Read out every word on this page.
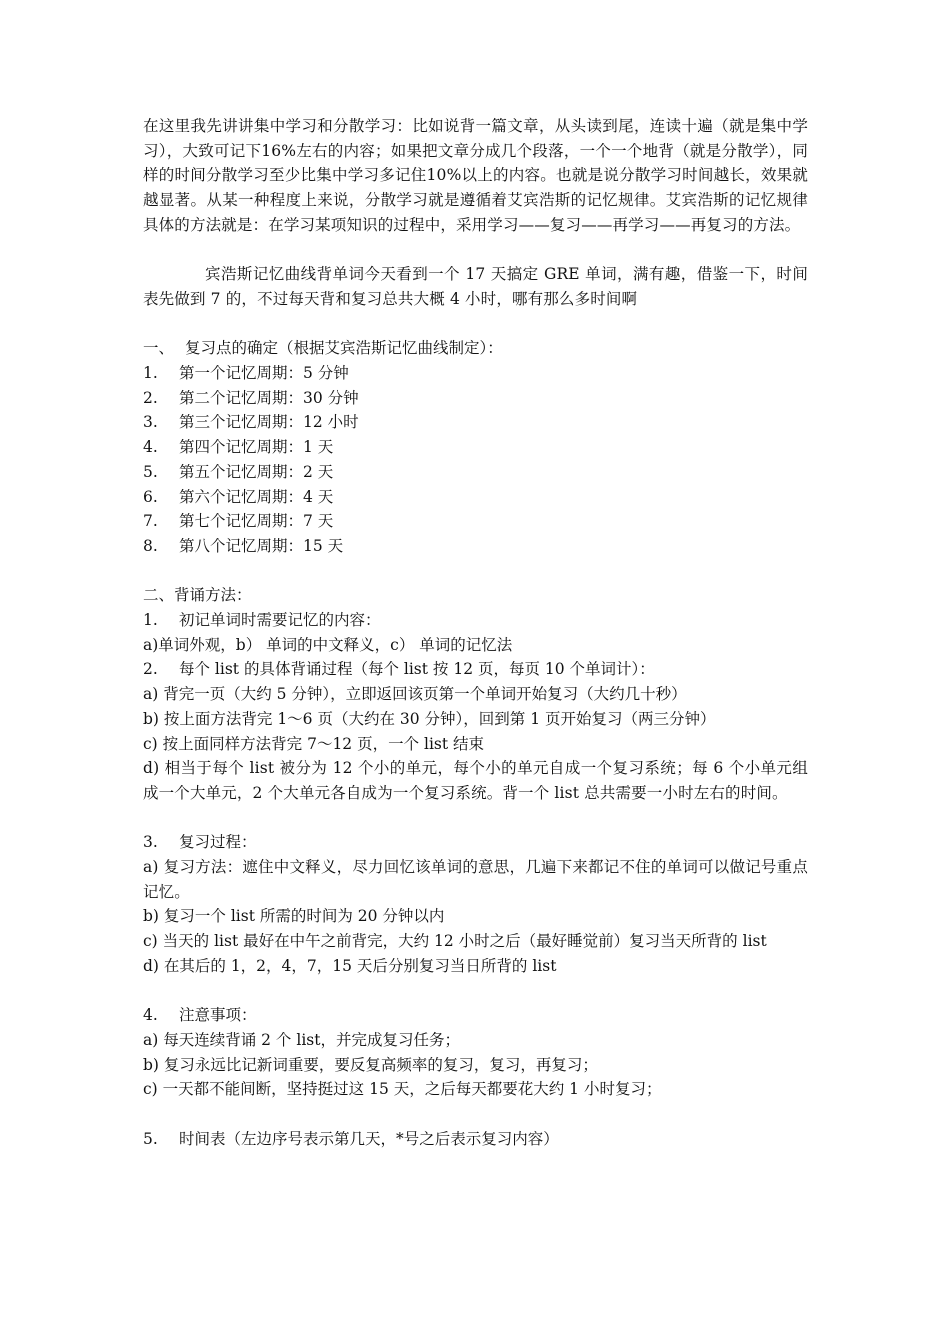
在这里我先讲讲集中学习和分散学习：比如说背一篇文章，从头读到尾，连读十遍（就是集中学习），大致可记下16%左右的内容；如果把文章分成几个段落，一个一个地背（就是分散学），同样的时间分散学习至少比集中学习多记住10%以上的内容。也就是说分散学习时间越长，效果就越显著。从某一种程度上来说，分散学习就是遵循着艾宾浩斯的记忆规律。艾宾浩斯的记忆规律具体的方法就是：在学习某项知识的过程中，采用学习——复习——再学习——再复习的方法。

宾浩斯记忆曲线背单词今天看到一个 17 天搞定 GRE 单词，满有趣，借鉴一下，时间表先做到 7 的，不过每天背和复习总共大概 4 小时，哪有那么多时间啊

一、 复习点的确定（根据艾宾浩斯记忆曲线制定）：

1. 第一个记忆周期：5 分钟

2. 第二个记忆周期：30 分钟

3. 第三个记忆周期：12 小时

4. 第四个记忆周期：1 天

5. 第五个记忆周期：2 天

6. 第六个记忆周期：4 天

7. 第七个记忆周期：7 天

8. 第八个记忆周期：15 天

二、背诵方法：

1. 初记单词时需要记忆的内容：

a)单词外观，b） 单词的中文释义，c） 单词的记忆法

2. 每个 list 的具体背诵过程（每个 list 按 12 页，每页 10 个单词计）：

a) 背完一页（大约 5 分钟），立即返回该页第一个单词开始复习（大约几十秒）

b) 按上面方法背完 1～6 页（大约在 30 分钟），回到第 1 页开始复习（两三分钟）

c) 按上面同样方法背完 7～12 页，一个 list 结束

d) 相当于每个 list 被分为 12 个小的单元，每个小的单元自成一个复习系统；每 6 个小单元组成一个大单元，2 个大单元各自成为一个复习系统。背一个 list 总共需要一小时左右的时间。

3. 复习过程：

a) 复习方法：遮住中文释义，尽力回忆该单词的意思，几遍下来都记不住的单词可以做记号重点记忆。

b) 复习一个 list 所需的时间为 20 分钟以内

c) 当天的 list 最好在中午之前背完，大约 12 小时之后（最好睡觉前）复习当天所背的 list

d) 在其后的 1，2，4，7，15 天后分别复习当日所背的 list

4. 注意事项：

a) 每天连续背诵 2 个 list，并完成复习任务；

b) 复习永远比记新词重要，要反复高频率的复习，复习，再复习；

c) 一天都不能间断，坚持挺过这 15 天，之后每天都要花大约 1 小时复习；

5. 时间表（左边序号表示第几天，*号之后表示复习内容）
